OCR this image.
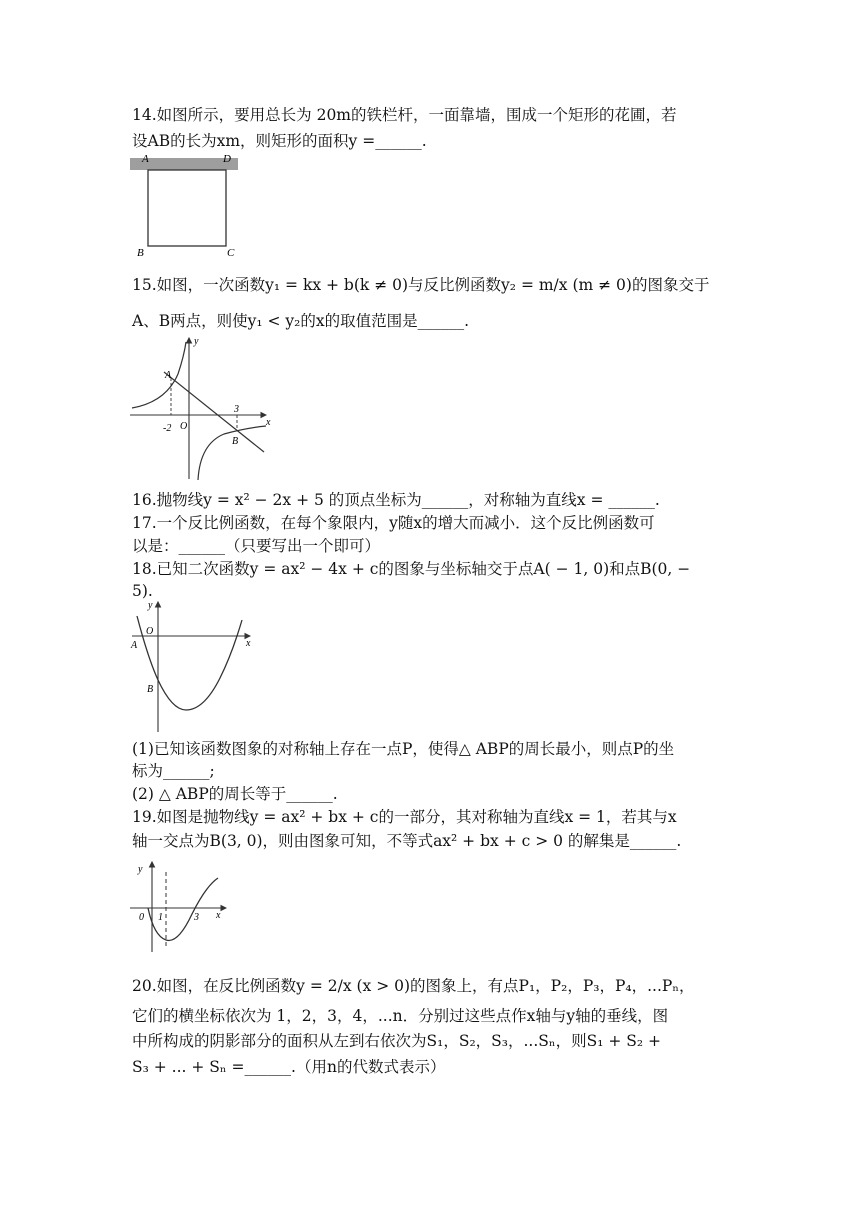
14.如图所示，要用总长为 20m的铁栏杆，一面靠墙，围成一个矩形的花圃，若
设AB的长为xm，则矩形的面积y =______.
A	D
B	C
15.如图，一次函数y₁ = kx + b(k ≠ 0)与反比例函数y₂ = m/x (m ≠ 0)的图象交于
A、B两点，则使y₁ < y₂的x的取值范围是______.
y
x
A
B
O
-2
3
16.抛物线y = x² − 2x + 5 的顶点坐标为______，对称轴为直线x = ______.
17.一个反比例函数，在每个象限内，y随x的增大而减小．这个反比例函数可
以是：______（只要写出一个即可）
18.已知二次函数y = ax² − 4x + c的图象与坐标轴交于点A( − 1, 0)和点B(0, −
5).
y
x
O
A
B
(1)已知该函数图象的对称轴上存在一点P，使得△ ABP的周长最小，则点P的坐
标为______;
(2) △ ABP的周长等于______.
19.如图是抛物线y = ax² + bx + c的一部分，其对称轴为直线x = 1，若其与x
轴一交点为B(3, 0)，则由图象可知，不等式ax² + bx + c > 0 的解集是______.
y
x
0 1	3
20.如图，在反比例函数y = 2/x (x > 0)的图象上，有点P₁，P₂，P₃，P₄，...Pₙ，
它们的横坐标依次为 1，2，3，4，...n．分别过这些点作x轴与y轴的垂线，图
中所构成的阴影部分的面积从左到右依次为S₁，S₂，S₃，...Sₙ，则S₁ + S₂ +
S₃ + ... + Sₙ =______.（用n的代数式表示）
